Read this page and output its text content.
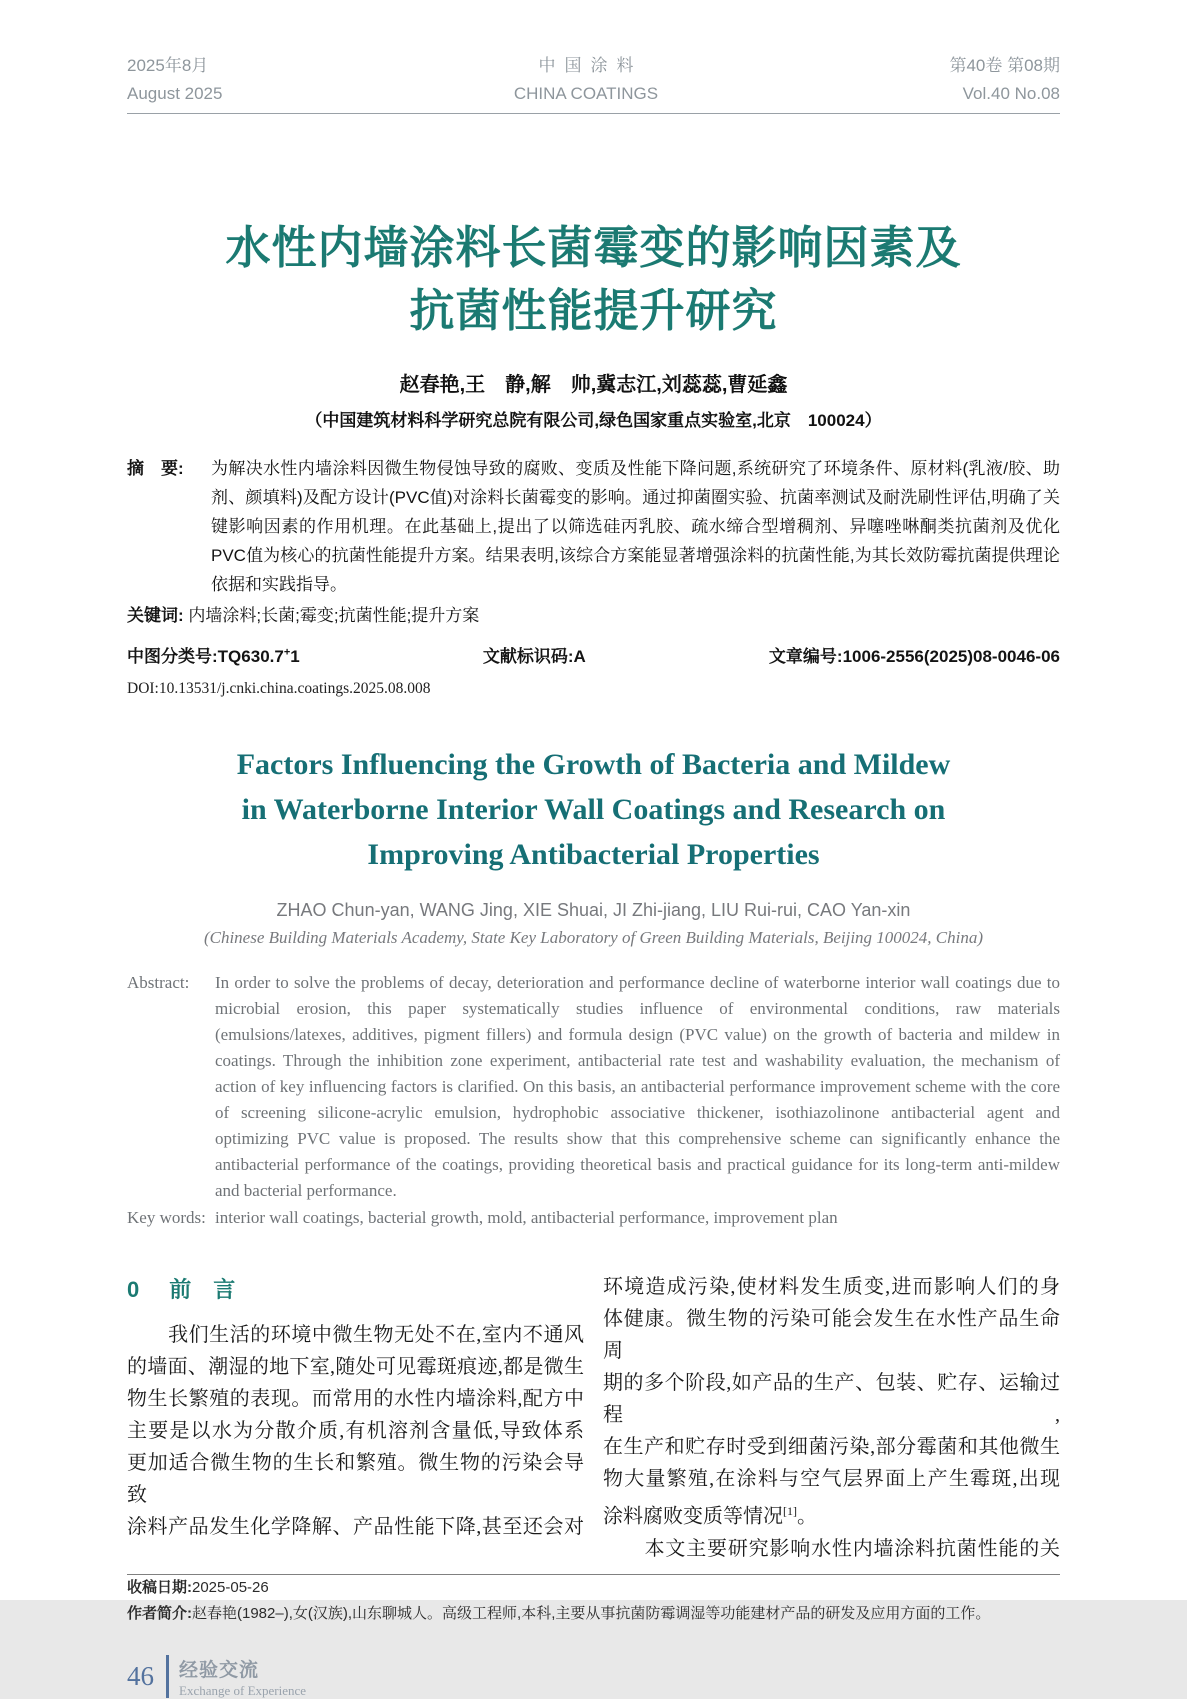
2025年8月
August 2025
中国涂料
CHINA COATINGS
第40卷 第08期
Vol.40 No.08
水性内墙涂料长菌霉变的影响因素及
抗菌性能提升研究
赵春艳,王　静,解　帅,冀志江,刘蕊蕊,曹延鑫
（中国建筑材料科学研究总院有限公司,绿色国家重点实验室,北京　100024）
摘　要:	为解决水性内墙涂料因微生物侵蚀导致的腐败、变质及性能下降问题,系统研究了环境条件、原材料(乳液/胶、助剂、颜填料)及配方设计(PVC值)对涂料长菌霉变的影响。通过抑菌圈实验、抗菌率测试及耐洗刷性评估,明确了关键影响因素的作用机理。在此基础上,提出了以筛选硅丙乳胶、疏水缔合型增稠剂、异噻唑啉酮类抗菌剂及优化PVC值为核心的抗菌性能提升方案。结果表明,该综合方案能显著增强涂料的抗菌性能,为其长效防霉抗菌提供理论依据和实践指导。

关键词: 内墙涂料;长菌;霉变;抗菌性能;提升方案
中图分类号:TQ630.7+1	文献标识码:A	文章编号:1006-2556(2025)08-0046-06
DOI:10.13531/j.cnki.china.coatings.2025.08.008
Factors Influencing the Growth of Bacteria and Mildew
in Waterborne Interior Wall Coatings and Research on
Improving Antibacterial Properties
ZHAO Chun-yan, WANG Jing, XIE Shuai, JI Zhi-jiang, LIU Rui-rui, CAO Yan-xin
(Chinese Building Materials Academy, State Key Laboratory of Green Building Materials, Beijing 100024, China)
Abstract:	In order to solve the problems of decay, deterioration and performance decline of waterborne interior wall coatings due to microbial erosion, this paper systematically studies influence of environmental conditions, raw materials (emulsions/latexes, additives, pigment fillers) and formula design (PVC value) on the growth of bacteria and mildew in coatings. Through the inhibition zone experiment, antibacterial rate test and washability evaluation, the mechanism of action of key influencing factors is clarified. On this basis, an antibacterial performance improvement scheme with the core of screening silicone-acrylic emulsion, hydrophobic associative thickener, isothiazolinone antibacterial agent and optimizing PVC value is proposed. The results show that this comprehensive scheme can significantly enhance the antibacterial performance of the coatings, providing theoretical basis and practical guidance for its long-term anti-mildew and bacterial performance.

Key words: interior wall coatings, bacterial growth, mold, antibacterial performance, improvement plan
0 前　言
　　我们生活的环境中微生物无处不在,室内不通风
的墙面、潮湿的地下室,随处可见霉斑痕迹,都是微生
物生长繁殖的表现。而常用的水性内墙涂料,配方中
主要是以水为分散介质,有机溶剂含量低,导致体系
更加适合微生物的生长和繁殖。微生物的污染会导致
涂料产品发生化学降解、产品性能下降,甚至还会对
环境造成污染,使材料发生质变,进而影响人们的身
体健康。微生物的污染可能会发生在水性产品生命周
期的多个阶段,如产品的生产、包装、贮存、运输过程,
在生产和贮存时受到细菌污染,部分霉菌和其他微生
物大量繁殖,在涂料与空气层界面上产生霉斑,出现
涂料腐败变质等情况[1]。
　　本文主要研究影响水性内墙涂料抗菌性能的关
收稿日期:2025-05-26
作者简介:赵春艳(1982–),女(汉族),山东聊城人。高级工程师,本科,主要从事抗菌防霉调湿等功能建材产品的研发及应用方面的工作。
46 经验交流
Exchange of Experience
